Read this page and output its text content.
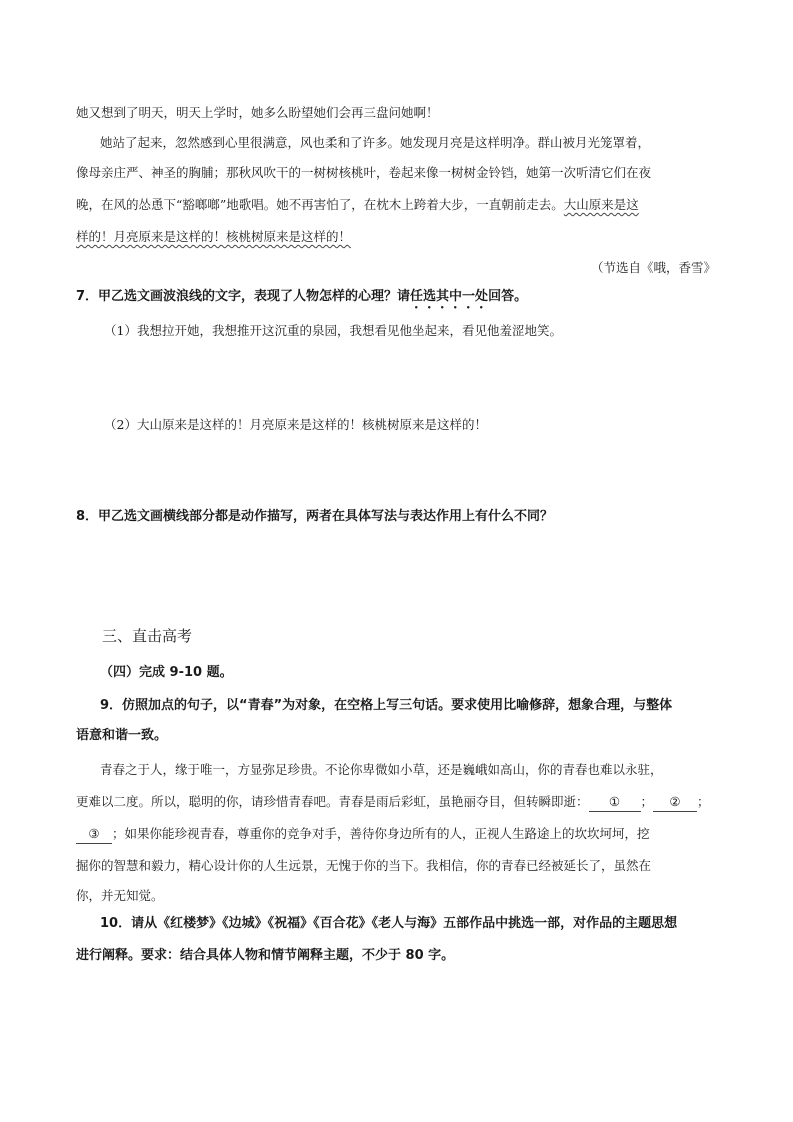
她又想到了明天，明天上学时，她多么盼望她们会再三盘问她啊！
她站了起来，忽然感到心里很满意，风也柔和了许多。她发现月亮是这样明净。群山被月光笼罩着，
像母亲庄严、神圣的胸脯；那秋风吹干的一树树核桃叶，卷起来像一树树金铃铛，她第一次听清它们在夜
晚，在风的怂恿下“豁啷啷”地歌唱。她不再害怕了，在枕木上跨着大步，一直朝前走去。大山原来是这
样的！月亮原来是这样的！核桃树原来是这样的！
（节选自《哦，香雪》
7．甲乙选文画波浪线的文字，表现了人物怎样的心理？请任选其中一处回答。
（1）我想拉开她，我想推开这沉重的泉园，我想看见他坐起来，看见他羞涩地笑。
（2）大山原来是这样的！月亮原来是这样的！核桃树原来是这样的！
8．甲乙选文画横线部分都是动作描写，两者在具体写法与表达作用上有什么不同？
三、直击高考
（四）完成 9-10 题。
9．仿照加点的句子，以“青春”为对象，在空格上写三句话。要求使用比喻修辞，想象合理，与整体
语意和谐一致。
青春之于人，缘于唯一，方显弥足珍贵。不论你卑微如小草，还是巍峨如高山，你的青春也难以永驻，
更难以二度。所以，聪明的你，请珍惜青春吧。青春是雨后彩虹，虽艳丽夺目，但转瞬即逝： ① ； ② ；
③ ；如果你能珍视青春，尊重你的竞争对手，善待你身边所有的人，正视人生路途上的坎坎坷坷，挖
掘你的智慧和毅力，精心设计你的人生远景，无愧于你的当下。我相信，你的青春已经被延长了，虽然在
你，并无知觉。
10．请从《红楼梦》《边城》《祝福》《百合花》《老人与海》五部作品中挑选一部，对作品的主题思想
进行阐释。要求：结合具体人物和情节阐释主题，不少于 80 字。
